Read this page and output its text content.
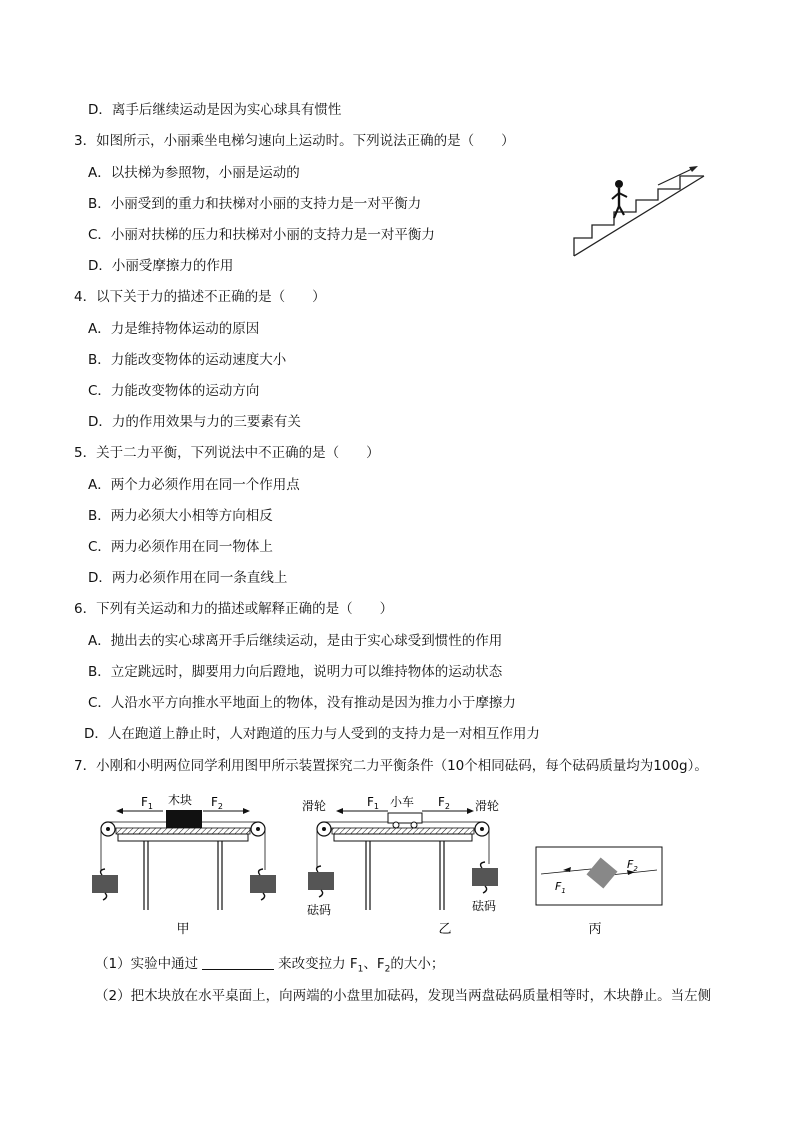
D．离手后继续运动是因为实心球具有惯性
3．如图所示，小丽乘坐电梯匀速向上运动时。下列说法正确的是（　　）
A．以扶梯为参照物，小丽是运动的
B．小丽受到的重力和扶梯对小丽的支持力是一对平衡力
C．小丽对扶梯的压力和扶梯对小丽的支持力是一对平衡力
D．小丽受摩擦力的作用
4．以下关于力的描述不正确的是（　　）
A．力是维持物体运动的原因
B．力能改变物体的运动速度大小
C．力能改变物体的运动方向
D．力的作用效果与力的三要素有关
5．关于二力平衡，下列说法中不正确的是（　　）
A．两个力必须作用在同一个作用点
B．两力必须大小相等方向相反
C．两力必须作用在同一物体上
D．两力必须作用在同一条直线上
6．下列有关运动和力的描述或解释正确的是（　　）
A．抛出去的实心球离开手后继续运动，是由于实心球受到惯性的作用
B．立定跳远时，脚要用力向后蹬地，说明力可以维持物体的运动状态
C．人沿水平方向推水平地面上的物体，没有推动是因为推力小于摩擦力
D．人在跑道上静止时，人对跑道的压力与人受到的支持力是一对相互作用力
7．小刚和小明两位同学利用图甲所示装置探究二力平衡条件（10个相同砝码，每个砝码质量均为100g）。
$F_1$	$F_2$
木块
甲
滑轮	滑轮
小车
$F_1$	$F_2$
砝码	砝码
乙
$F_1$
$F_2$
丙
（1）实验中通过	来改变拉力 $F_1$、$F_2$的大小；
（2）把木块放在水平桌面上，向两端的小盘里加砝码，发现当两盘砝码质量相等时，木块静止。当左侧
